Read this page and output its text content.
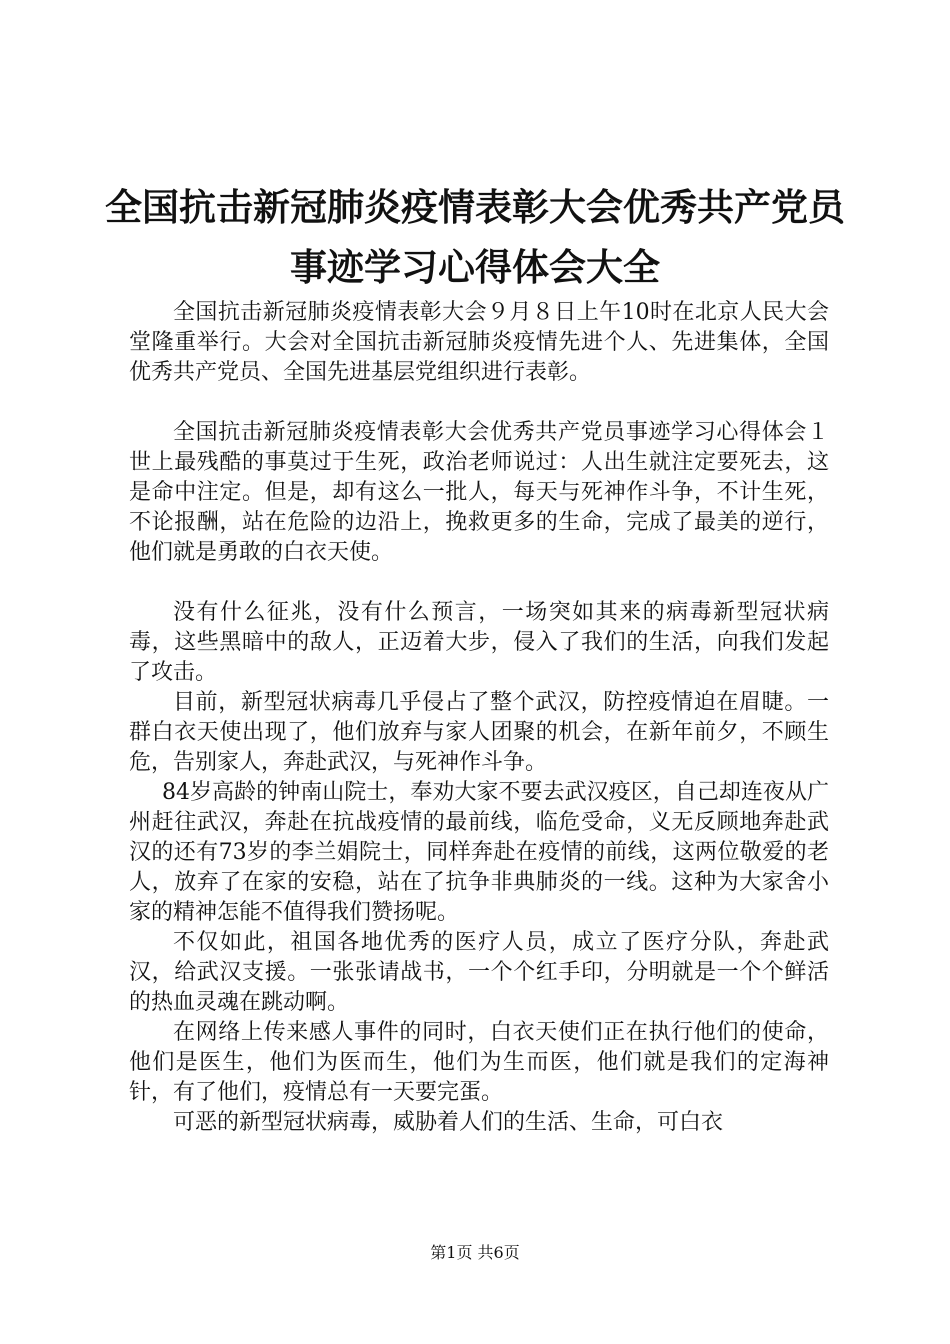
全国抗击新冠肺炎疫情表彰大会优秀共产党员
事迹学习心得体会大全

全国抗击新冠肺炎疫情表彰大会９月８日上午10时在北京人民大会堂隆重举行。大会对全国抗击新冠肺炎疫情先进个人、先进集体，全国优秀共产党员、全国先进基层党组织进行表彰。

全国抗击新冠肺炎疫情表彰大会优秀共产党员事迹学习心得体会１世上最残酷的事莫过于生死，政治老师说过：人出生就注定要死去，这是命中注定。但是，却有这么一批人，每天与死神作斗争，不计生死，不论报酬，站在危险的边沿上，挽救更多的生命，完成了最美的逆行，他们就是勇敢的白衣天使。

没有什么征兆，没有什么预言，一场突如其来的病毒新型冠状病毒，这些黑暗中的敌人，正迈着大步，侵入了我们的生活，向我们发起了攻击。

目前，新型冠状病毒几乎侵占了整个武汉，防控疫情迫在眉睫。一群白衣天使出现了，他们放弃与家人团聚的机会，在新年前夕，不顾生危，告别家人，奔赴武汉，与死神作斗争。

84岁高龄的钟南山院士，奉劝大家不要去武汉疫区，自己却连夜从广州赶往武汉，奔赴在抗战疫情的最前线，临危受命，义无反顾地奔赴武汉的还有73岁的李兰娟院士，同样奔赴在疫情的前线，这两位敬爱的老人，放弃了在家的安稳，站在了抗争非典肺炎的一线。这种为大家舍小家的精神怎能不值得我们赞扬呢。

不仅如此，祖国各地优秀的医疗人员，成立了医疗分队，奔赴武汉，给武汉支援。一张张请战书，一个个红手印，分明就是一个个鲜活的热血灵魂在跳动啊。

在网络上传来感人事件的同时，白衣天使们正在执行他们的使命，他们是医生，他们为医而生，他们为生而医，他们就是我们的定海神针，有了他们，疫情总有一天要完蛋。

可恶的新型冠状病毒，威胁着人们的生活、生命，可白衣

第1页 共6页
